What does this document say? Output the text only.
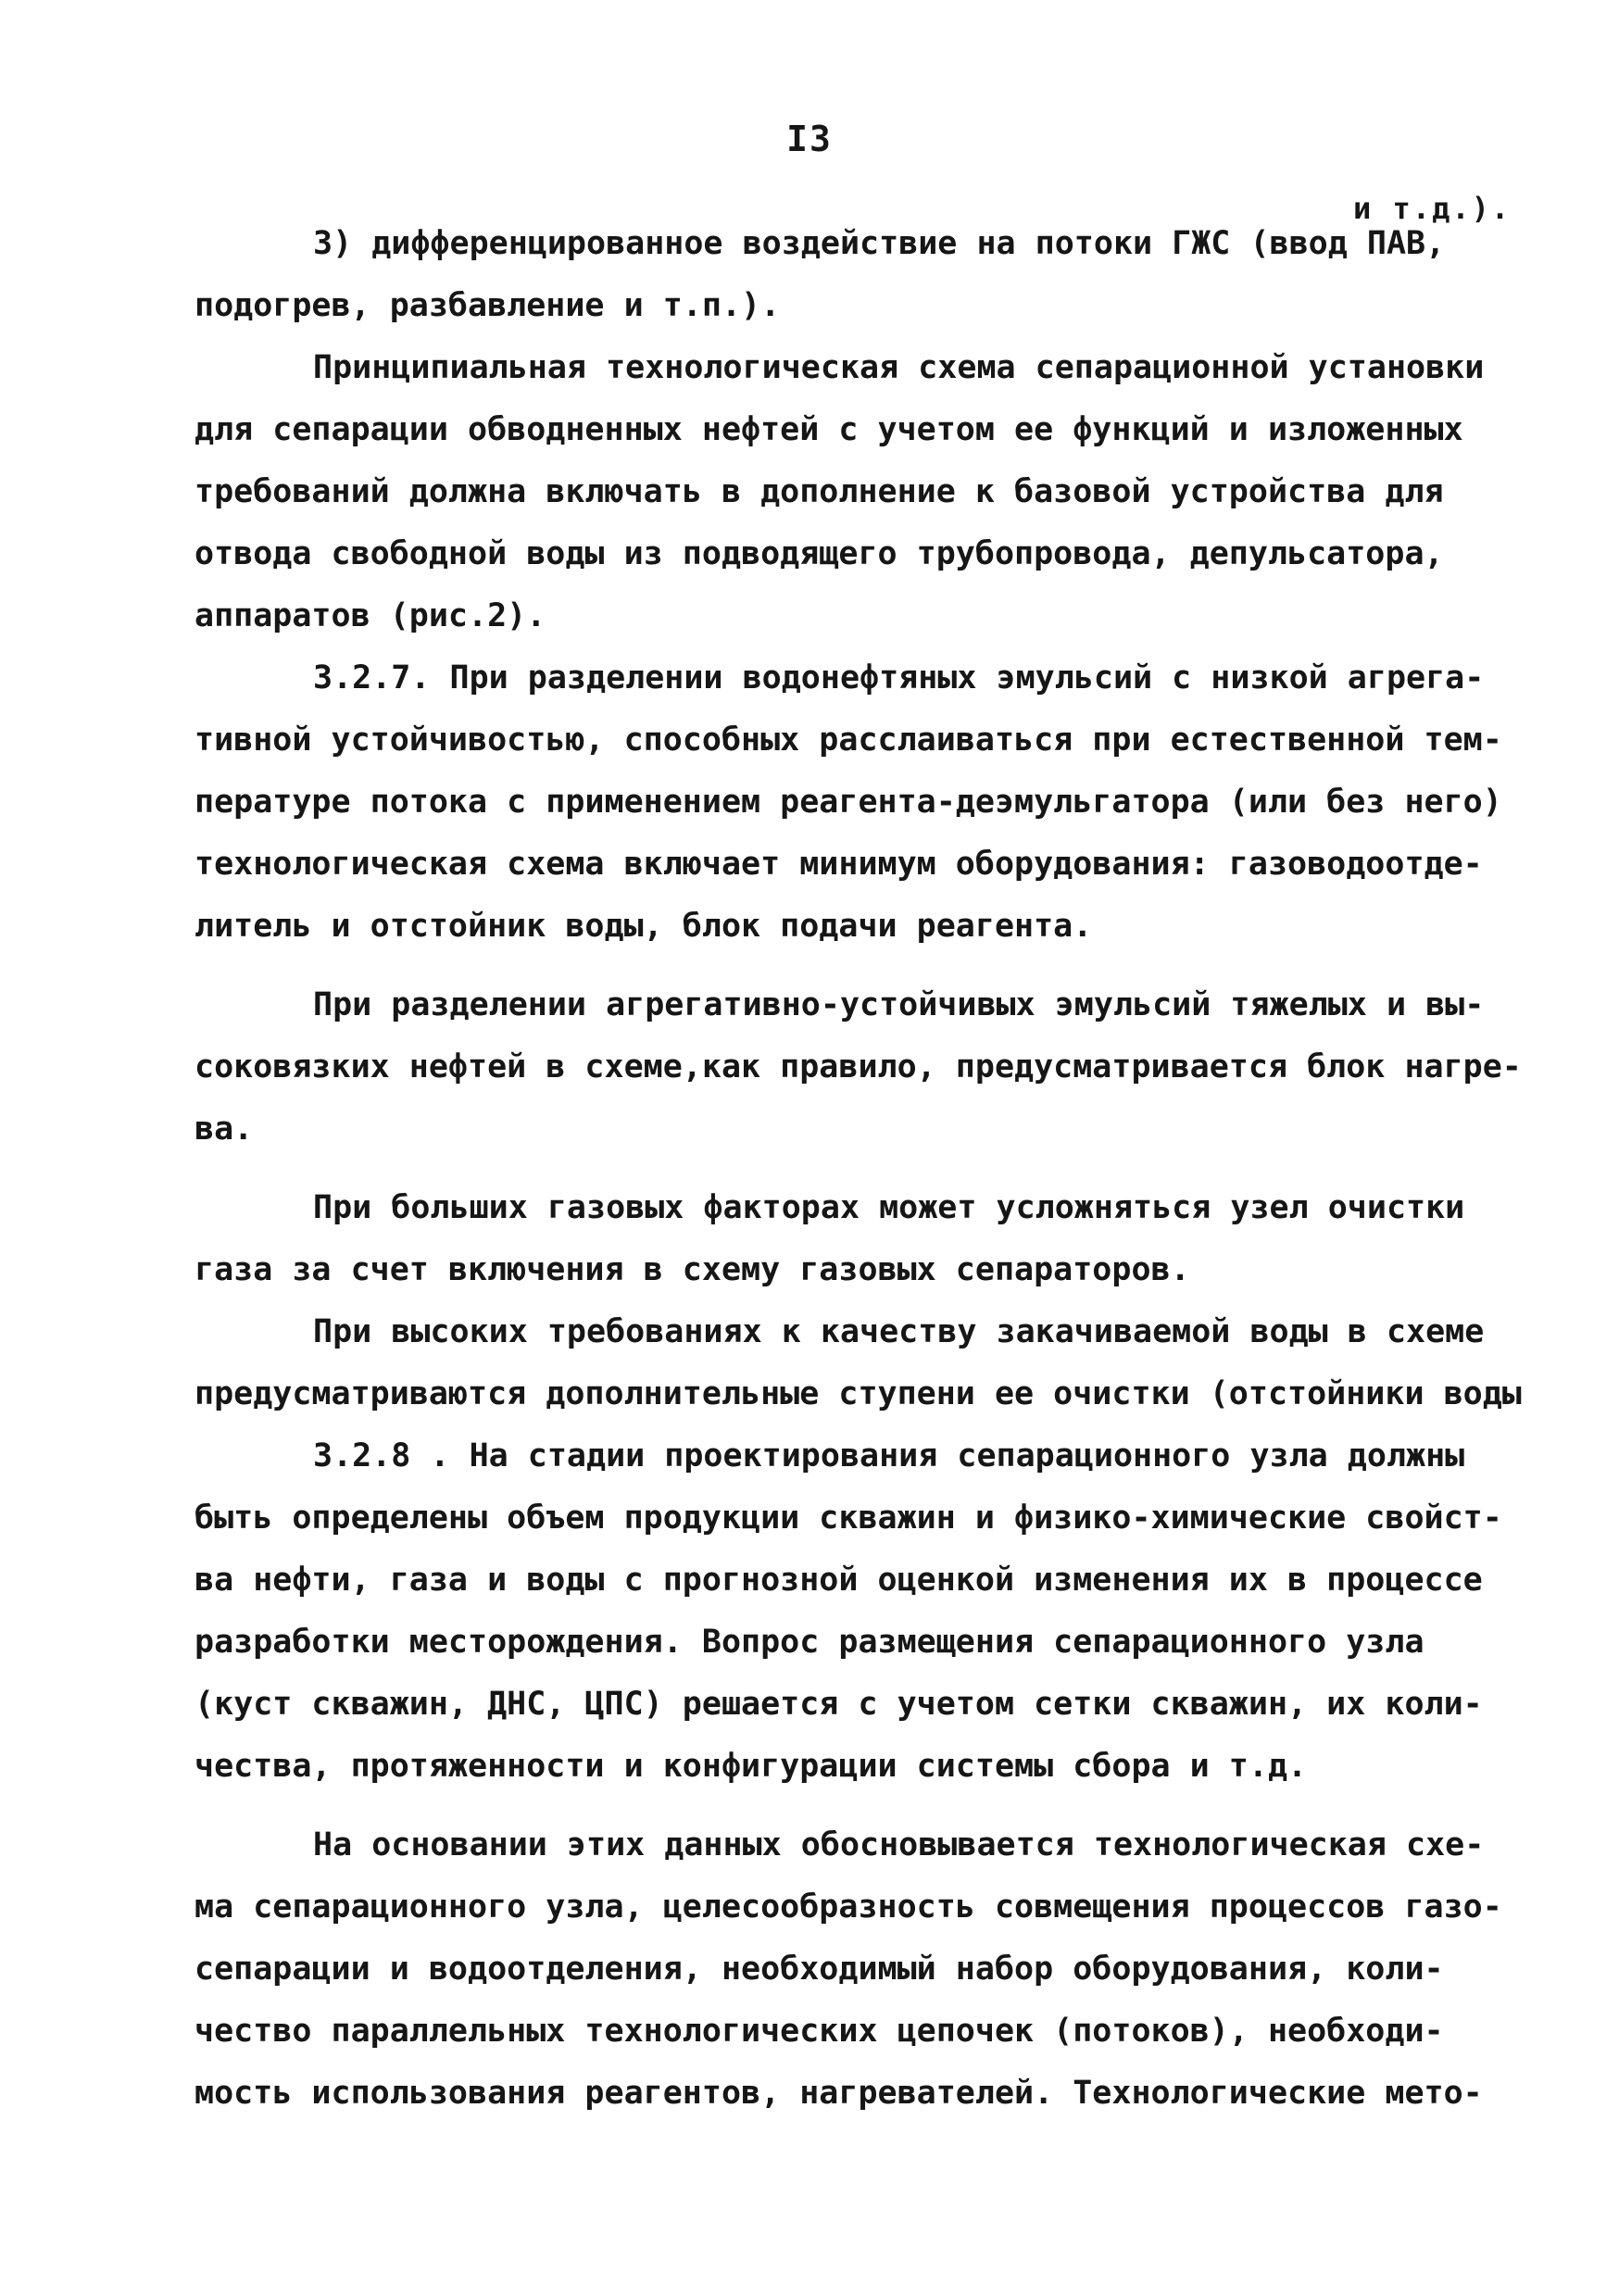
I3
3) дифференцированное воздействие на потоки ГЖС (ввод ПАВ,
подогрев, разбавление и т.п.).
Принципиальная технологическая схема сепарационной установки
для сепарации обводненных нефтей с учетом ее функций и изложенных
требований должна включать в дополнение к базовой устройства для
отвода свободной воды из подводящего трубопровода, депульсатора,
аппаратов (рис.2).
3.2.7. При разделении водонефтяных эмульсий с низкой агрега-
тивной устойчивостью, способных расслаиваться при естественной тем-
пературе потока с применением реагента-деэмульгатора (или без него)
технологическая схема включает минимум оборудования: газоводоотде-
литель и отстойник воды, блок подачи реагента.
При разделении агрегативно-устойчивых эмульсий тяжелых и вы-
соковязких нефтей в схеме,как правило, предусматривается блок нагре-
ва.
При больших газовых факторах может усложняться узел очистки
газа за счет включения в схему газовых сепараторов.
При высоких требованиях к качеству закачиваемой воды в схеме
предусматриваются дополнительные ступени ее очистки (отстойники воды
3.2.8 . На стадии проектирования сепарационного узла должны
и т.д.).
быть определены объем продукции скважин и физико-химические свойст-
ва нефти, газа и воды с прогнозной оценкой изменения их в процессе
разработки месторождения. Вопрос размещения сепарационного узла
(куст скважин, ДНС, ЦПС) решается с учетом сетки скважин, их коли-
чества, протяженности и конфигурации системы сбора и т.д.
На основании этих данных обосновывается технологическая схе-
ма сепарационного узла, целесообразность совмещения процессов газо-
сепарации и водоотделения, необходимый набор оборудования, коли-
чество параллельных технологических цепочек (потоков), необходи-
мость использования реагентов, нагревателей. Технологические мето-
